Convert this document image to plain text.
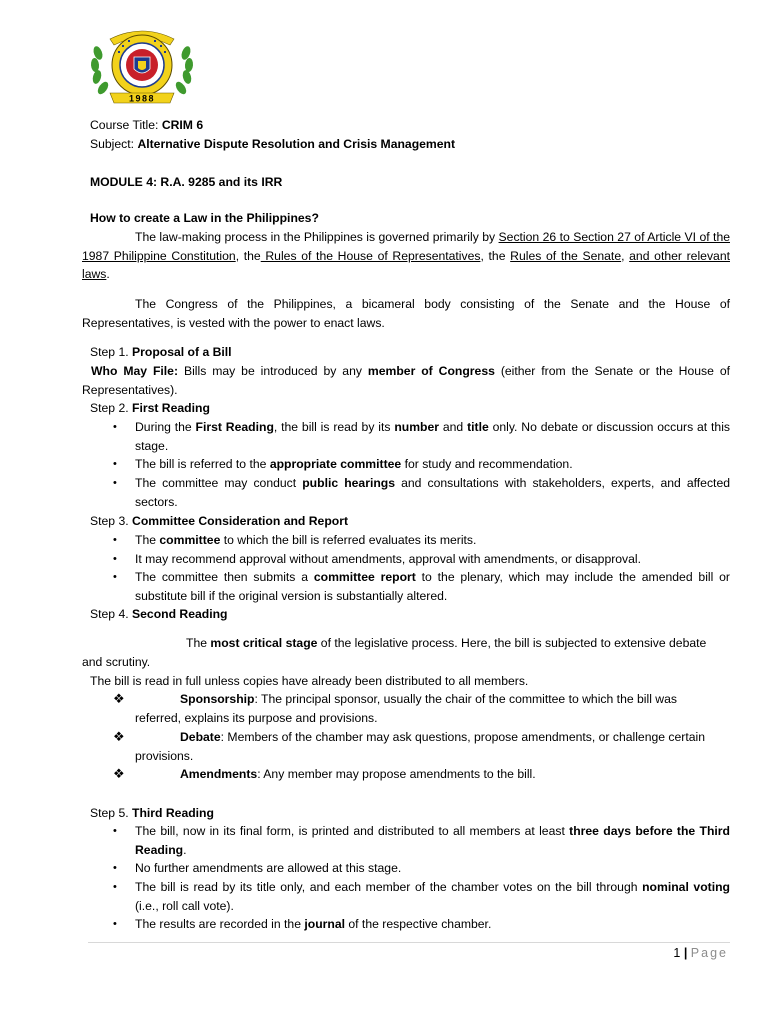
1988
Course Title: CRIM 6
Subject: Alternative Dispute Resolution and Crisis Management
MODULE 4: R.A. 9285 and its IRR
How to create a Law in the Philippines?
The law-making process in the Philippines is governed primarily by Section 26 to Section 27 of Article VI of the 1987 Philippine Constitution, the Rules of the House of Representatives, the Rules of the Senate, and other relevant laws.
The Congress of the Philippines, a bicameral body consisting of the Senate and the House of Representatives, is vested with the power to enact laws.
Step 1. Proposal of a Bill
Who May File: Bills may be introduced by any member of Congress (either from the Senate or the House of Representatives).
Step 2. First Reading
• During the First Reading, the bill is read by its number and title only. No debate or discussion occurs at this stage.
• The bill is referred to the appropriate committee for study and recommendation.
• The committee may conduct public hearings and consultations with stakeholders, experts, and affected sectors.
Step 3. Committee Consideration and Report
• The committee to which the bill is referred evaluates its merits.
• It may recommend approval without amendments, approval with amendments, or disapproval.
• The committee then submits a committee report to the plenary, which may include the amended bill or substitute bill if the original version is substantially altered.
Step 4. Second Reading
The most critical stage of the legislative process. Here, the bill is subjected to extensive debate
and scrutiny.
The bill is read in full unless copies have already been distributed to all members.
❖	Sponsorship: The principal sponsor, usually the chair of the committee to which the bill was
referred, explains its purpose and provisions.
❖	Debate: Members of the chamber may ask questions, propose amendments, or challenge certain
provisions.
❖	Amendments: Any member may propose amendments to the bill.
Step 5. Third Reading
• The bill, now in its final form, is printed and distributed to all members at least three days before the Third Reading.
• No further amendments are allowed at this stage.
• The bill is read by its title only, and each member of the chamber votes on the bill through nominal voting (i.e., roll call vote).
• The results are recorded in the journal of the respective chamber.
1 | Page
